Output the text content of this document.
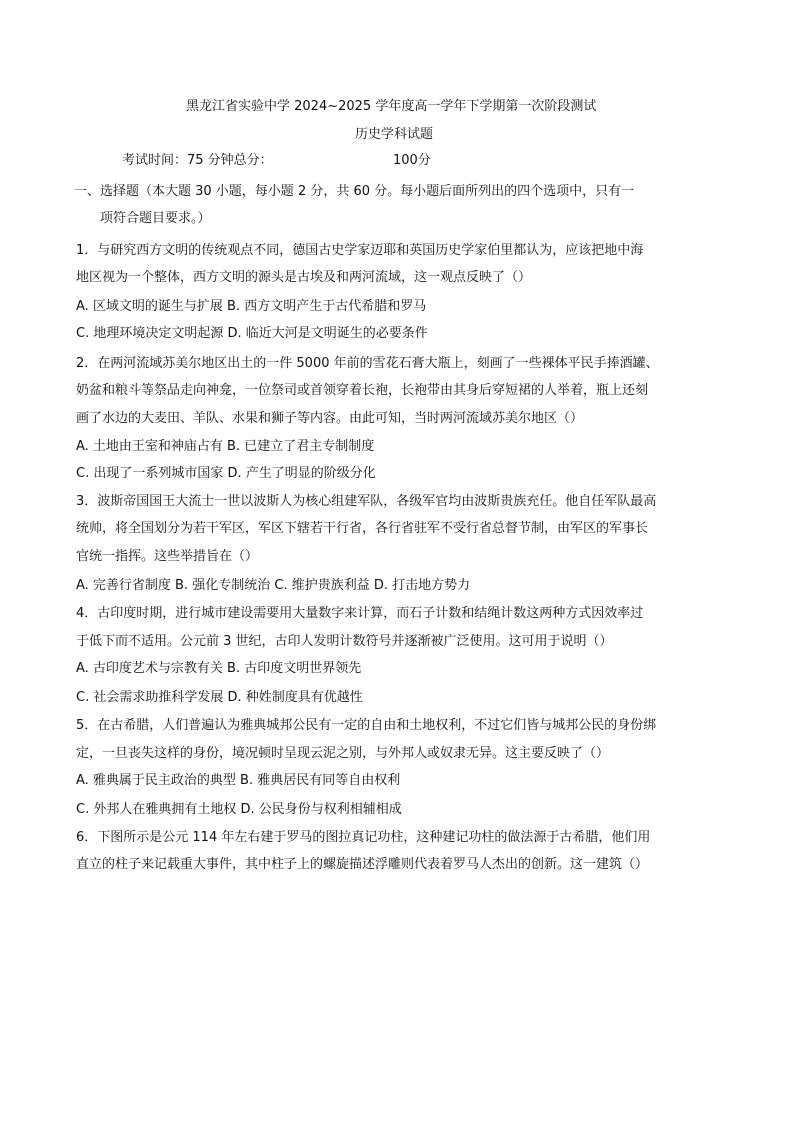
黑龙江省实验中学 2024~2025 学年度高一学年下学期第一次阶段测试
历史学科试题
考试时间：75 分钟总分：	100分
一、选择题（本大题 30 小题，每小题 2 分，共 60 分。每小题后面所列出的四个选项中，只有一
项符合题目要求。）
1．与研究西方文明的传统观点不同，德国古史学家迈耶和英国历史学家伯里都认为，应该把地中海
地区视为一个整体，西方文明的源头是古埃及和两河流域，这一观点反映了（）
A. 区域文明的诞生与扩展 B. 西方文明产生于古代希腊和罗马
C. 地理环境决定文明起源 D. 临近大河是文明诞生的必要条件
2．在两河流域苏美尔地区出土的一件 5000 年前的雪花石膏大瓶上，刻画了一些裸体平民手捧酒罐、
奶盆和粮斗等祭品走向神龛，一位祭司或首领穿着长袍，长袍带由其身后穿短裙的人举着，瓶上还刻
画了水边的大麦田、羊队、水果和狮子等内容。由此可知，当时两河流域苏美尔地区（）
A. 土地由王室和神庙占有 B. 已建立了君主专制制度
C. 出现了一系列城市国家 D. 产生了明显的阶级分化
3．波斯帝国国王大流士一世以波斯人为核心组建军队，各级军官均由波斯贵族充任。他自任军队最高
统帅，将全国划分为若干军区，军区下辖若干行省，各行省驻军不受行省总督节制，由军区的军事长
官统一指挥。这些举措旨在（）
A. 完善行省制度 B. 强化专制统治 C. 维护贵族利益 D. 打击地方势力
4．古印度时期，进行城市建设需要用大量数字来计算，而石子计数和结绳计数这两种方式因效率过
于低下而不适用。公元前 3 世纪，古印人发明计数符号并逐渐被广泛使用。这可用于说明（）
A. 古印度艺术与宗教有关 B. 古印度文明世界领先
C. 社会需求助推科学发展 D. 种姓制度具有优越性
5．在古希腊，人们普遍认为雅典城邦公民有一定的自由和土地权利，不过它们皆与城邦公民的身份绑
定，一旦丧失这样的身份，境况顿时呈现云泥之别，与外邦人或奴隶无异。这主要反映了（）
A. 雅典属于民主政治的典型 B. 雅典居民有同等自由权利
C. 外邦人在雅典拥有土地权 D. 公民身份与权利相辅相成
6．下图所示是公元 114 年左右建于罗马的图拉真记功柱，这种建记功柱的做法源于古希腊，他们用
直立的柱子来记载重大事件，其中柱子上的螺旋描述浮雕则代表着罗马人杰出的创新。这一建筑（）
